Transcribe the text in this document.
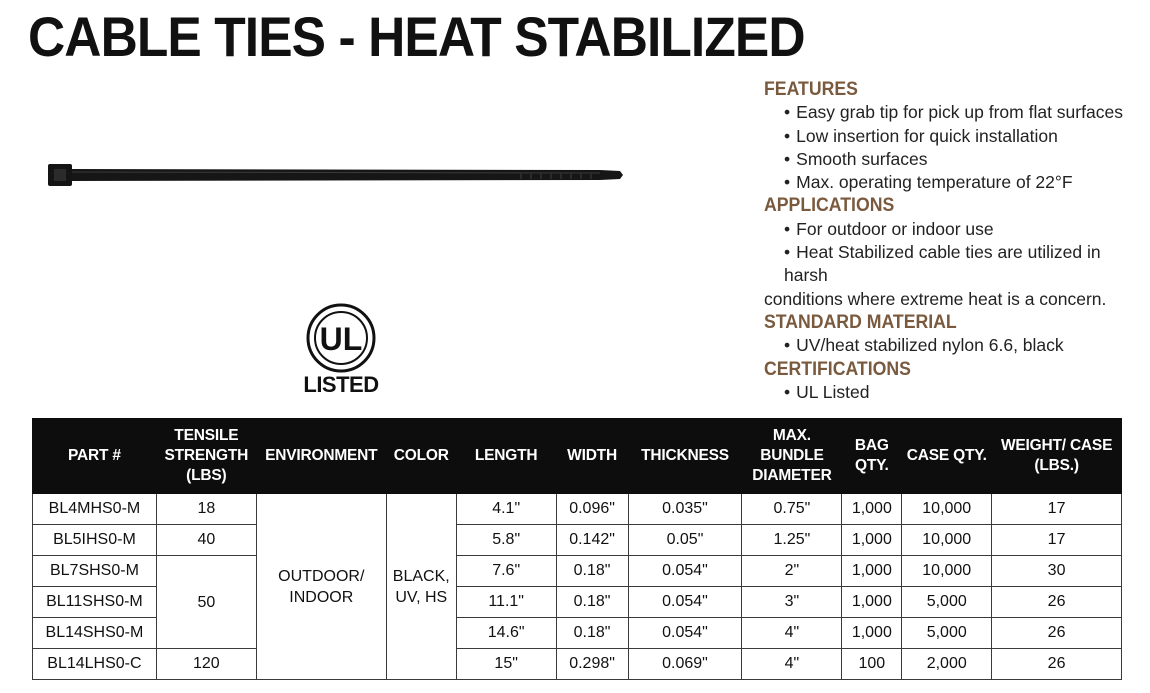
CABLE TIES - HEAT STABILIZED
UL
LISTED
FEATURES
• Easy grab tip for pick up from flat surfaces
• Low insertion for quick installation
• Smooth surfaces
• Max. operating temperature of 22°F
APPLICATIONS
• For outdoor or indoor use
• Heat Stabilized cable ties are utilized in harsh
conditions where extreme heat is a concern.
STANDARD MATERIAL
• UV/heat stabilized nylon 6.6, black
CERTIFICATIONS
• UL Listed
PART #	TENSILE STRENGTH (LBS)	ENVIRONMENT	COLOR	LENGTH	WIDTH	THICKNESS	MAX. BUNDLE DIAMETER	BAG QTY.	CASE QTY.	WEIGHT/ CASE (LBS.)
BL4MHS0-M	18	OUTDOOR/ INDOOR	BLACK, UV, HS	4.1"	0.096"	0.035"	0.75"	1,000	10,000	17
BL5IHS0-M	40			5.8"	0.142"	0.05"	1.25"	1,000	10,000	17
BL7SHS0-M	50			7.6"	0.18"	0.054"	2"	1,000	10,000	30
BL11SHS0-M				11.1"	0.18"	0.054"	3"	1,000	5,000	26
BL14SHS0-M				14.6"	0.18"	0.054"	4"	1,000	5,000	26
BL14LHS0-C	120			15"	0.298"	0.069"	4"	100	2,000	26
